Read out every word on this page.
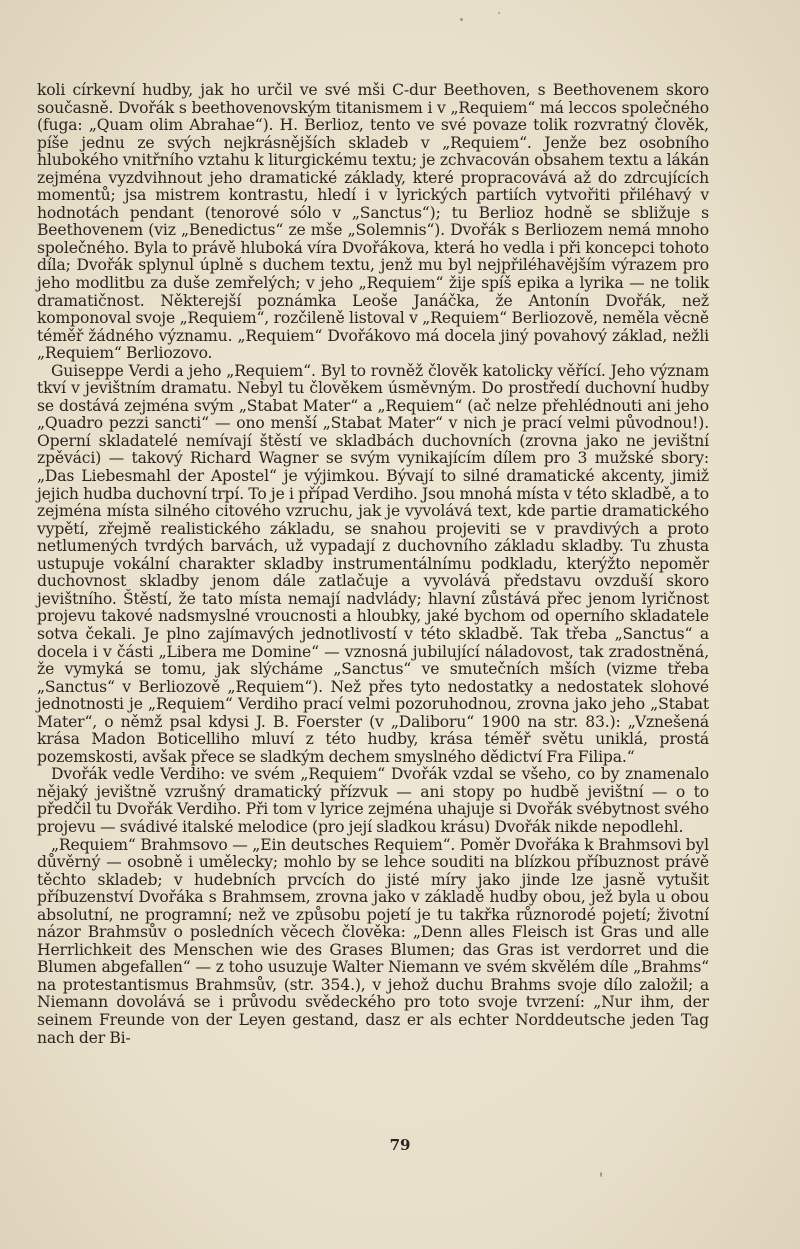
koli církevní hudby, jak ho určil ve své mši C-dur Beethoven, s Beethovenem skoro současně. Dvořák s beethovenovským titanismem i v „Requiem“ má leccos společného (fuga: „Quam olim Abrahae“). H. Berlioz, tento ve své povaze tolik rozvratný člověk, píše jednu ze svých nejkrásnějších skladeb v „Requiem“. Jenže bez osobního hlubokého vnitřního vztahu k liturgickému textu; je zchvacován obsahem textu a lákán zejména vyzdvihnout jeho dramatické základy, které propracovává až do zdrcujících momentů; jsa mistrem kontrastu, hledí i v lyrických partiích vytvořiti přiléhavý v hodnotách pendant (tenorové sólo v „Sanctus“); tu Berlioz hodně se sbližuje s Beethovenem (viz „Benedictus“ ze mše „Solemnis“). Dvořák s Berliozem nemá mnoho společného. Byla to právě hluboká víra Dvořákova, která ho vedla i při koncepci tohoto díla; Dvořák splynul úplně s duchem textu, jenž mu byl nejpřiléhavějším výrazem pro jeho modlitbu za duše zemřelých; v jeho „Requiem“ žije spíš epika a lyrika — ne tolik dramatičnost. Některejší poznámka Leoše Janáčka, že Antonín Dvořák, než komponoval svoje „Requiem“, rozčileně listoval v „Requiem“ Berliozově, neměla věcně téměř žádného významu. „Requiem“ Dvořákovo má docela jiný povahový základ, nežli „Requiem“ Berliozovo.

Guiseppe Verdi a jeho „Requiem“. Byl to rovněž člověk katolicky věřící. Jeho význam tkví v jevištním dramatu. Nebyl tu člověkem úsměvným. Do prostředí duchovní hudby se dostává zejména svým „Stabat Mater“ a „Requiem“ (ač nelze přehlédnouti ani jeho „Quadro pezzi sancti“ — ono menší „Stabat Mater“ v nich je prací velmi původnou!). Operní skladatelé nemívají štěstí ve skladbách duchovních (zrovna jako ne jevištní zpěváci) — takový Richard Wagner se svým vynikajícím dílem pro 3 mužské sbory: „Das Liebesmahl der Apostel“ je výjimkou. Bývají to silné dramatické akcenty, jimiž jejich hudba duchovní trpí. To je i případ Verdiho. Jsou mnohá místa v této skladbě, a to zejména místa silného citového vzruchu, jak je vyvolává text, kde partie dramatického vypětí, zřejmě realistického základu, se snahou projeviti se v pravdivých a proto netlumených tvrdých barvách, už vypadají z duchovního základu skladby. Tu zhusta ustupuje vokální charakter skladby instrumentálnímu podkladu, kterýžto nepoměr duchovnost skladby jenom dále zatlačuje a vyvolává představu ovzduší skoro jevištního. Štěstí, že tato místa nemají nadvlády; hlavní zůstává přec jenom lyričnost projevu takové nadsmyslné vroucnosti a hloubky, jaké bychom od operního skladatele sotva čekali. Je plno zajímavých jednotlivostí v této skladbě. Tak třeba „Sanctus“ a docela i v části „Libera me Domine“ — vznosná jubilující náladovost, tak zradostněná, že vymyká se tomu, jak slýcháme „Sanctus“ ve smutečních mších (vizme třeba „Sanctus“ v Berliozově „Requiem“). Než přes tyto nedostatky a nedostatek slohové jednotnosti je „Requiem“ Verdiho prací velmi pozoruhodnou, zrovna jako jeho „Stabat Mater“, o němž psal kdysi J. B. Foerster (v „Daliboru“ 1900 na str. 83.): „Vznešená krása Madon Boticelliho mluví z této hudby, krása téměř světu uniklá, prostá pozemskosti, avšak přece se sladkým dechem smyslného dědictví Fra Filipa.“

Dvořák vedle Verdiho: ve svém „Requiem“ Dvořák vzdal se všeho, co by znamenalo nějaký jevištně vzrušný dramatický přízvuk — ani stopy po hudbě jevištní — o to předčil tu Dvořák Verdiho. Při tom v lyrice zejména uhajuje si Dvořák svébytnost svého projevu — svádivé italské melodice (pro její sladkou krásu) Dvořák nikde nepodlehl.

„Requiem“ Brahmsovo — „Ein deutsches Requiem“. Poměr Dvořáka k Brahmsovi byl důvěrný — osobně i umělecky; mohlo by se lehce souditi na blízkou příbuznost právě těchto skladeb; v hudebních prvcích do jisté míry jako jinde lze jasně vytušit příbuzenství Dvořáka s Brahmsem, zrovna jako v základě hudby obou, jež byla u obou absolutní, ne programní; než ve způsobu pojetí je tu takřka různorodé pojetí; životní názor Brahmsův o posledních věcech člověka: „Denn alles Fleisch ist Gras und alle Herrlichkeit des Menschen wie des Grases Blumen; das Gras ist verdorret und die Blumen abgefallen“ — z toho usuzuje Walter Niemann ve svém skvělém díle „Brahms“ na protestantismus Brahmsův, (str. 354.), v jehož duchu Brahms svoje dílo založil; a Niemann dovolává se i průvodu svědeckého pro toto svoje tvrzení: „Nur ihm, der seinem Freunde von der Leyen gestand, dasz er als echter Norddeutsche jeden Tag nach der Bi-

79
